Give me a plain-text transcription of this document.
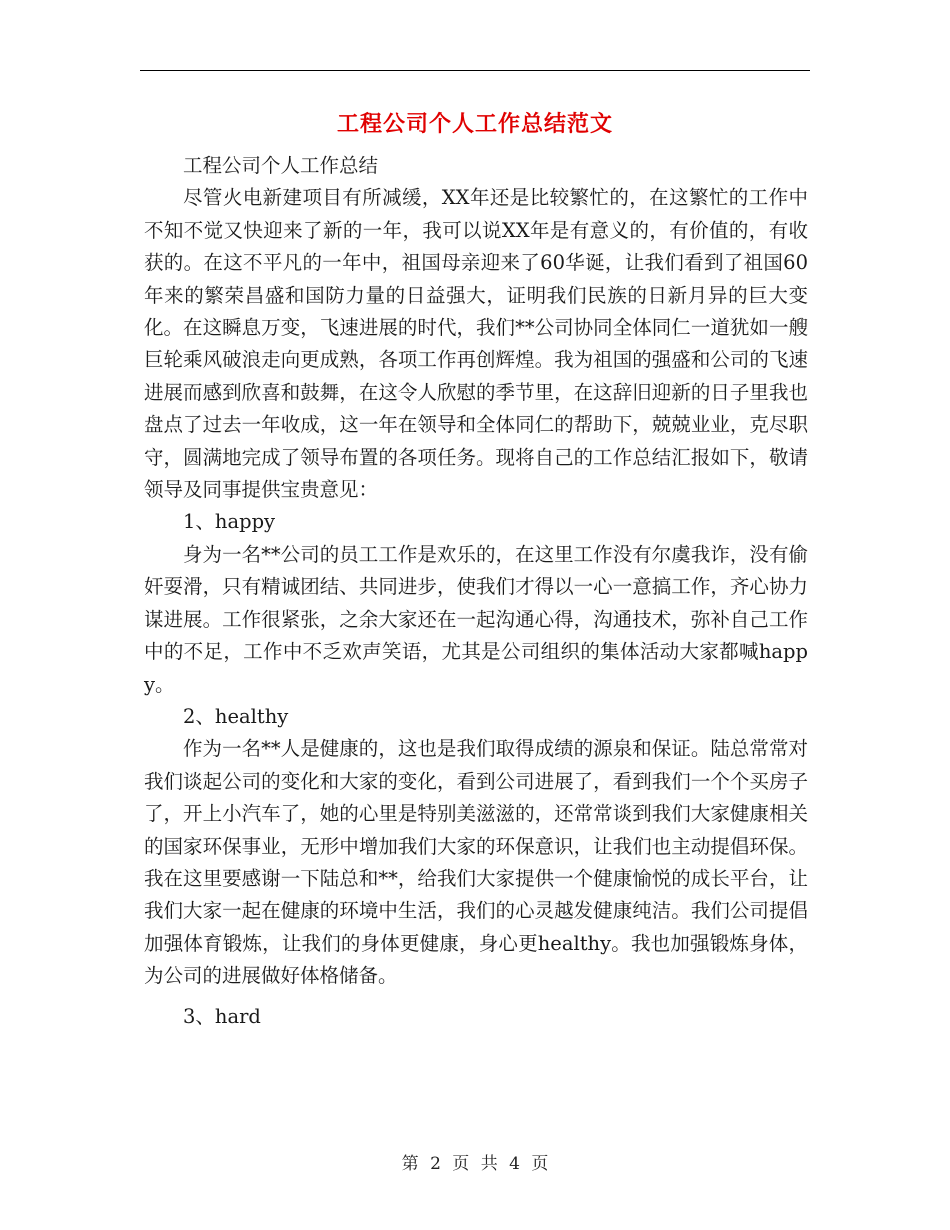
工程公司个人工作总结范文

工程公司个人工作总结

尽管火电新建项目有所减缓，XX年还是比较繁忙的，在这繁忙的工作中不知不觉又快迎来了新的一年，我可以说XX年是有意义的，有价值的，有收获的。在这不平凡的一年中，祖国母亲迎来了60华诞，让我们看到了祖国60年来的繁荣昌盛和国防力量的日益强大，证明我们民族的日新月异的巨大变化。在这瞬息万变，飞速进展的时代，我们**公司协同全体同仁一道犹如一艘巨轮乘风破浪走向更成熟，各项工作再创辉煌。我为祖国的强盛和公司的飞速进展而感到欣喜和鼓舞，在这令人欣慰的季节里，在这辞旧迎新的日子里我也盘点了过去一年收成，这一年在领导和全体同仁的帮助下，兢兢业业，克尽职守，圆满地完成了领导布置的各项任务。现将自己的工作总结汇报如下，敬请领导及同事提供宝贵意见：

1、happy

身为一名**公司的员工工作是欢乐的，在这里工作没有尔虞我诈，没有偷奸耍滑，只有精诚团结、共同进步，使我们才得以一心一意搞工作，齐心协力谋进展。工作很紧张，之余大家还在一起沟通心得，沟通技术，弥补自己工作中的不足，工作中不乏欢声笑语，尤其是公司组织的集体活动大家都喊happy。

2、healthy

作为一名**人是健康的，这也是我们取得成绩的源泉和保证。陆总常常对我们谈起公司的变化和大家的变化，看到公司进展了，看到我们一个个买房子了，开上小汽车了，她的心里是特别美滋滋的，还常常谈到我们大家健康相关的国家环保事业，无形中增加我们大家的环保意识，让我们也主动提倡环保。我在这里要感谢一下陆总和**，给我们大家提供一个健康愉悦的成长平台，让我们大家一起在健康的环境中生活，我们的心灵越发健康纯洁。我们公司提倡加强体育锻炼，让我们的身体更健康，身心更healthy。我也加强锻炼身体，为公司的进展做好体格储备。

3、hard

第 2 页 共 4 页
